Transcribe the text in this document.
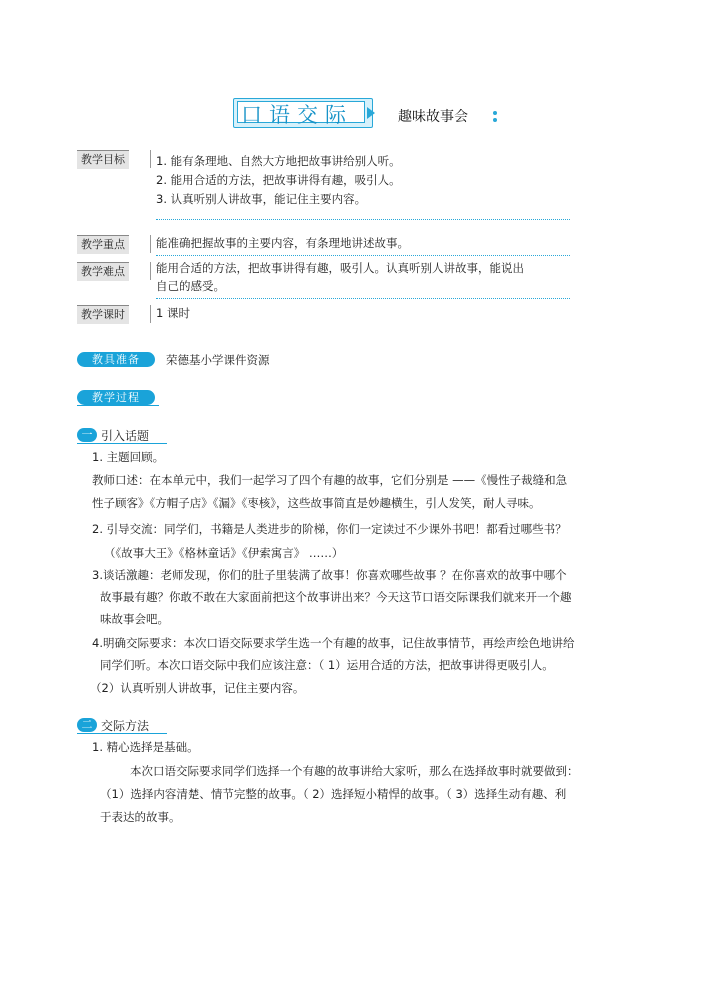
口语交际	趣味故事会
教学目标	1. 能有条理地、自然大方地把故事讲给别人听。
2. 能用合适的方法，把故事讲得有趣，吸引人。
3. 认真听别人讲故事，能记住主要内容。
教学重点	能准确把握故事的主要内容，有条理地讲述故事。
教学难点	能用合适的方法，把故事讲得有趣，吸引人。认真听别人讲故事，能说出
自己的感受。
教学课时	1 课时
教具准备	荣德基小学课件资源
教学过程
一 引入话题
1. 主题回顾。
教师口述：在本单元中，我们一起学习了四个有趣的故事，它们分别是 ——《慢性子裁缝和急
性子顾客》《方帽子店》《漏》《枣核》，这些故事简直是妙趣横生，引人发笑，耐人寻味。
2. 引导交流：同学们，书籍是人类进步的阶梯，你们一定读过不少课外书吧！都看过哪些书？
（《故事大王》《格林童话》《伊索寓言》 ……）
3.谈话激趣：老师发现，你们的肚子里装满了故事！你喜欢哪些故事 ？在你喜欢的故事中哪个
故事最有趣？你敢不敢在大家面前把这个故事讲出来？今天这节口语交际课我们就来开一个趣
味故事会吧。
4.明确交际要求：本次口语交际要求学生选一个有趣的故事，记住故事情节，再绘声绘色地讲给
同学们听。本次口语交际中我们应该注意：（ 1）运用合适的方法，把故事讲得更吸引人。
（2）认真听别人讲故事，记住主要内容。
二 交际方法
1. 精心选择是基础。
本次口语交际要求同学们选择一个有趣的故事讲给大家听，那么在选择故事时就要做到：
（1）选择内容清楚、情节完整的故事。（ 2）选择短小精悍的故事。（ 3）选择生动有趣、利
于表达的故事。
